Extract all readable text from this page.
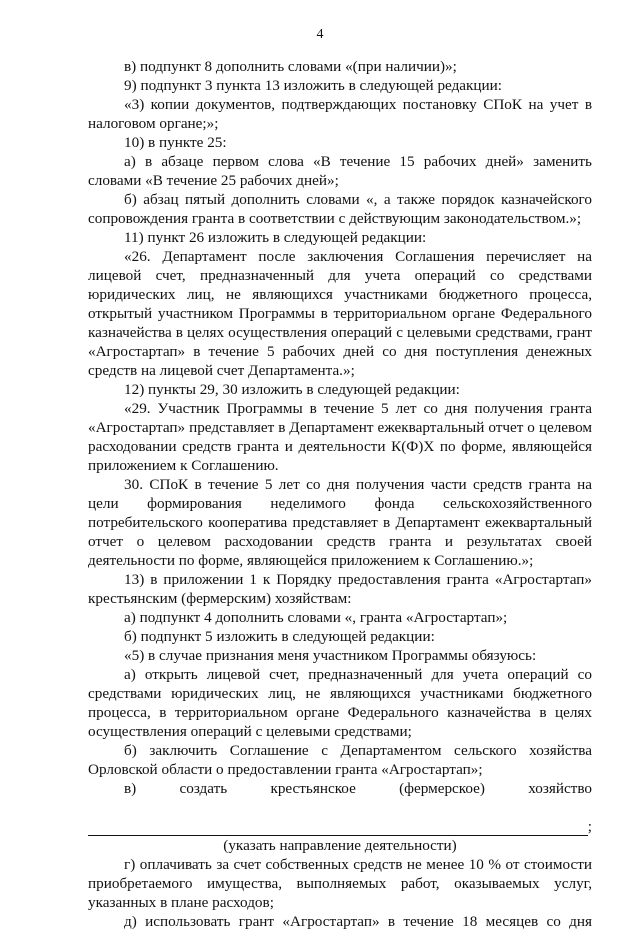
4

в) подпункт 8 дополнить словами «(при наличии)»;

9) подпункт 3 пункта 13 изложить в следующей редакции:

«3) копии документов, подтверждающих постановку СПоК на учет в налоговом органе;»;

10) в пункте 25:

а) в абзаце первом слова «В течение 15 рабочих дней» заменить словами «В течение 25 рабочих дней»;

б) абзац пятый дополнить словами «, а также порядок казначейского сопровождения гранта в соответствии с действующим законодательством.»;

11) пункт 26 изложить в следующей редакции:

«26. Департамент после заключения Соглашения перечисляет на лицевой счет, предназначенный для учета операций со средствами юридических лиц, не являющихся участниками бюджетного процесса, открытый участником Программы в территориальном органе Федерального казначейства в целях осуществления операций с целевыми средствами, грант «Агростартап» в течение 5 рабочих дней со дня поступления денежных средств на лицевой счет Департамента.»;

12) пункты 29, 30 изложить в следующей редакции:

«29. Участник Программы в течение 5 лет со дня получения гранта «Агростартап» представляет в Департамент ежеквартальный отчет о целевом расходовании средств гранта и деятельности К(Ф)Х по форме, являющейся приложением к Соглашению.

30. СПоК в течение 5 лет со дня получения части средств гранта на цели формирования неделимого фонда сельскохозяйственного потребительского кооператива представляет в Департамент ежеквартальный отчет о целевом расходовании средств гранта и результатах своей деятельности по форме, являющейся приложением к Соглашению.»;

13) в приложении 1 к Порядку предоставления гранта «Агростартап» крестьянским (фермерским) хозяйствам:

а) подпункт 4 дополнить словами «, гранта «Агростартап»;

б) подпункт 5 изложить в следующей редакции:

«5) в случае признания меня участником Программы обязуюсь:

а) открыть лицевой счет, предназначенный для учета операций со средствами юридических лиц, не являющихся участниками бюджетного процесса, в территориальном органе Федерального казначейства в целях осуществления операций с целевыми средствами;

б) заключить Соглашение с Департаментом сельского хозяйства Орловской области о предоставлении гранта «Агростартап»;

в) создать крестьянское (фермерское) хозяйство

;

(указать направление деятельности)

г) оплачивать за счет собственных средств не менее 10 % от стоимости приобретаемого имущества, выполняемых работ, оказываемых услуг, указанных в плане расходов;

д) использовать грант «Агростартап» в течение 18 месяцев со дня
